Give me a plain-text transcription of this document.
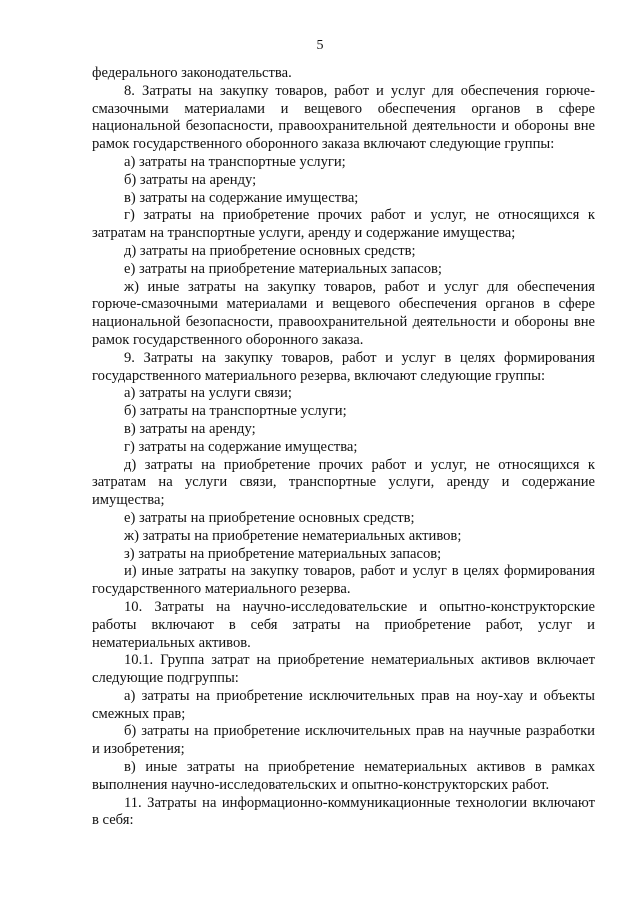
5

федерального законодательства.

8. Затраты на закупку товаров, работ и услуг для обеспечения горюче-смазочными материалами и вещевого обеспечения органов в сфере национальной безопасности, правоохранительной деятельности и обороны вне рамок государственного оборонного заказа включают следующие группы:

а) затраты на транспортные услуги;

б) затраты на аренду;

в) затраты на содержание имущества;

г) затраты на приобретение прочих работ и услуг, не относящихся к затратам на транспортные услуги, аренду и содержание имущества;

д) затраты на приобретение основных средств;

е) затраты на приобретение материальных запасов;

ж) иные затраты на закупку товаров, работ и услуг для обеспечения горюче-смазочными материалами и вещевого обеспечения органов в сфере национальной безопасности, правоохранительной деятельности и обороны вне рамок государственного оборонного заказа.

9. Затраты на закупку товаров, работ и услуг в целях формирования государственного материального резерва, включают следующие группы:

а) затраты на услуги связи;

б) затраты на транспортные услуги;

в) затраты на аренду;

г) затраты на содержание имущества;

д) затраты на приобретение прочих работ и услуг, не относящихся к затратам на услуги связи, транспортные услуги, аренду и содержание имущества;

е) затраты на приобретение основных средств;

ж) затраты на приобретение нематериальных активов;

з) затраты на приобретение материальных запасов;

и) иные затраты на закупку товаров, работ и услуг в целях формирования государственного материального резерва.

10. Затраты на научно-исследовательские и опытно-конструкторские работы включают в себя затраты на приобретение работ, услуг и нематериальных активов.

10.1. Группа затрат на приобретение нематериальных активов включает следующие подгруппы:

а) затраты на приобретение исключительных прав на ноу-хау и объекты смежных прав;

б) затраты на приобретение исключительных прав на научные разработки и изобретения;

в) иные затраты на приобретение нематериальных активов в рамках выполнения научно-исследовательских и опытно-конструкторских работ.

11. Затраты на информационно-коммуникационные технологии включают в себя:
